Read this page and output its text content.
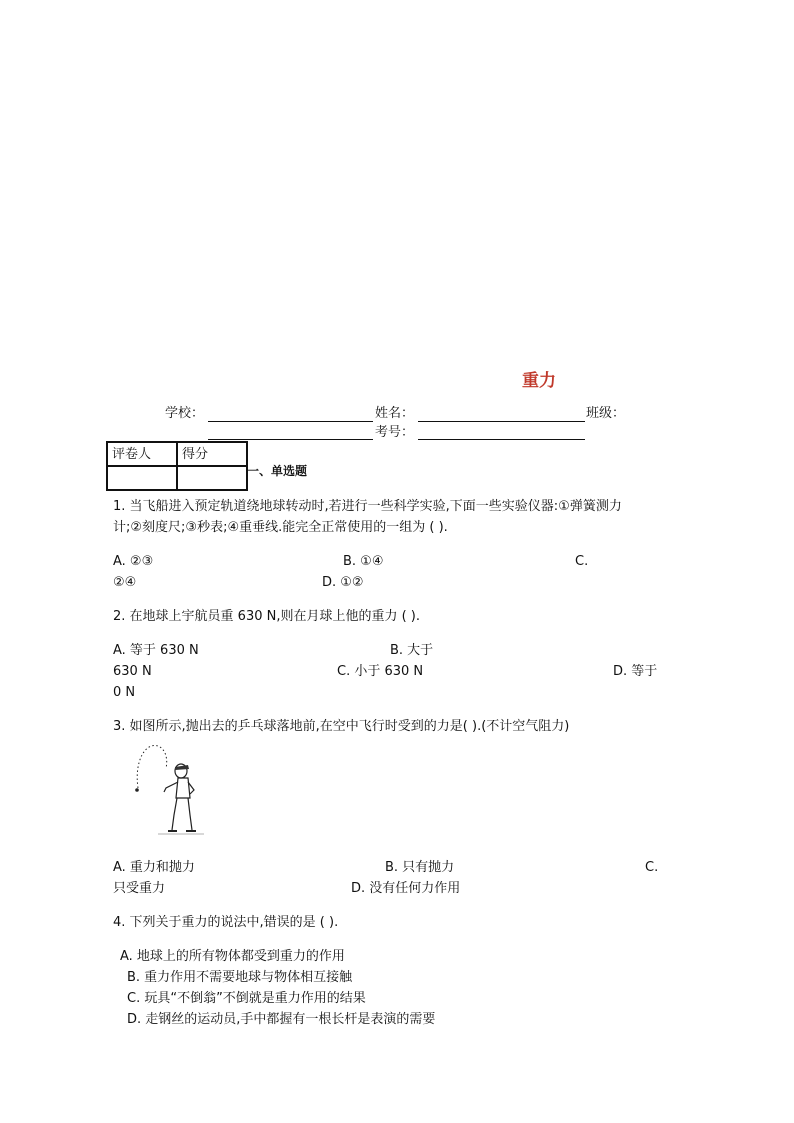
重力
学校：	姓名：	班级：
考号：
评卷人	得分

一、单选题
1. 当飞船进入预定轨道绕地球转动时,若进行一些科学实验,下面一些实验仪器:①弹簧测力
计;②刻度尺;③秒表;④重垂线.能完全正常使用的一组为 ( ).
A. ②③	B. ①④	C.
②④	D. ①②
2. 在地球上宇航员重 630 N,则在月球上他的重力 ( ).
A. 等于 630 N	B. 大于
630 N	C. 小于 630 N	D. 等于
0 N
3. 如图所示,抛出去的乒乓球落地前,在空中飞行时受到的力是( ).(不计空气阻力)
A. 重力和抛力	B. 只有抛力	C.
只受重力	D. 没有任何力作用
4. 下列关于重力的说法中,错误的是 ( ).
A. 地球上的所有物体都受到重力的作用
B. 重力作用不需要地球与物体相互接触
C. 玩具“不倒翁”不倒就是重力作用的结果
D. 走钢丝的运动员,手中都握有一根长杆是表演的需要
